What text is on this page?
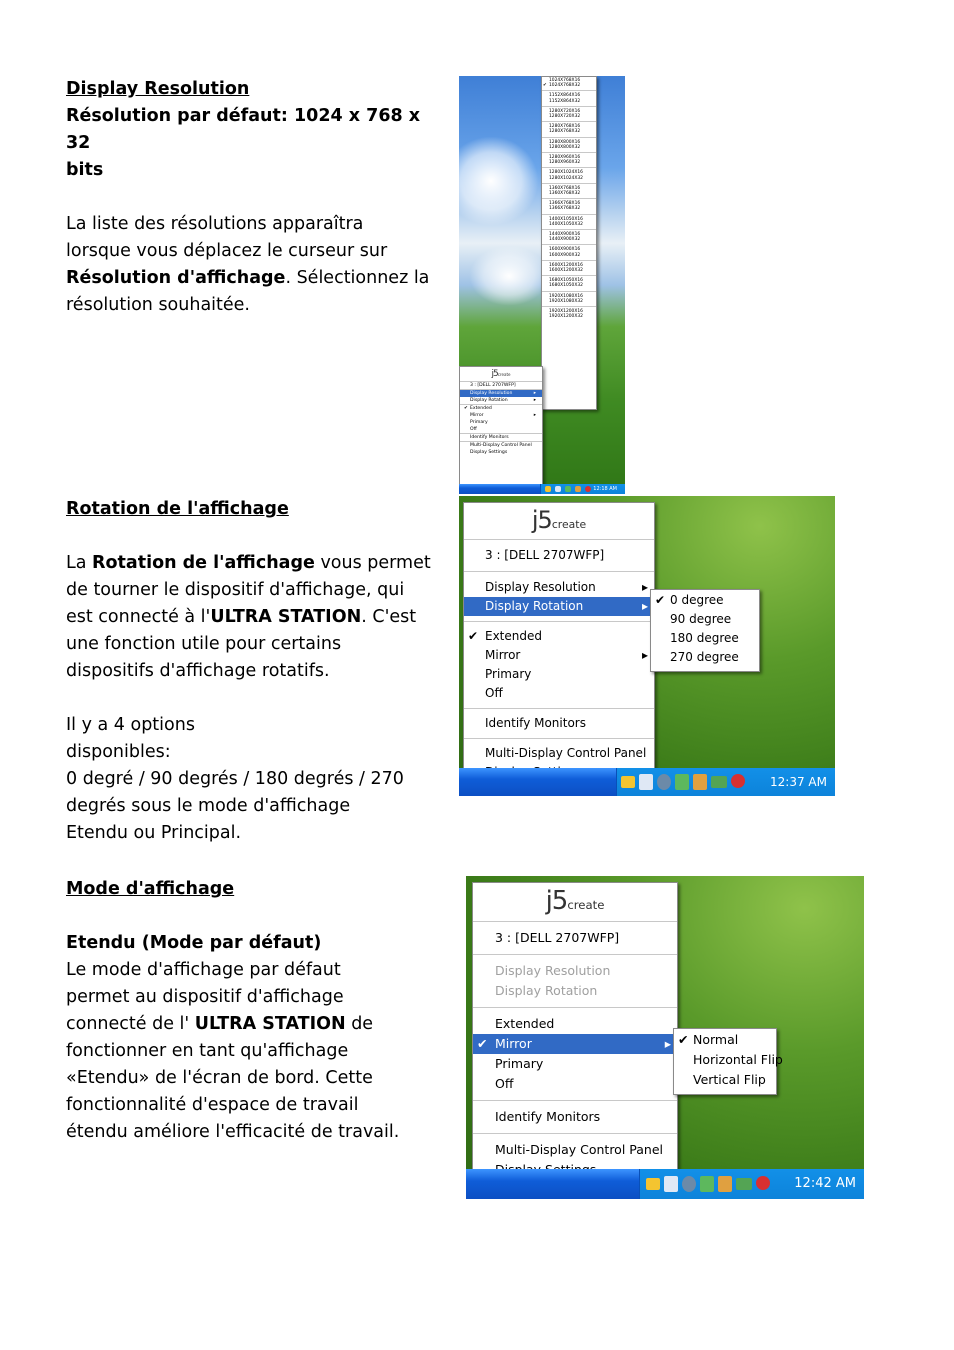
Display Resolution

Résolution par défaut: 1024 x 768 x 32

bits

La liste des résolutions apparaîtra

lorsque vous déplacez le curseur sur

Résolution d'affichage. Sélectionnez la

résolution souhaitée.

Rotation de l'affichage

La Rotation de l'affichage vous permet

de tourner le dispositif d'affichage, qui

est connecté à l'ULTRA STATION. C'est

une fonction utile pour certains

dispositifs d'affichage rotatifs.

Il y a 4 options

disponibles:

0 degré / 90 degrés / 180 degrés / 270

degrés sous le mode d'affichage

Etendu ou Principal.

Mode d'affichage

Etendu (Mode par défaut)

Le mode d'affichage par défaut

permet au dispositif d'affichage

connecté de l' ULTRA STATION de

fonctionner en tant qu'affichage

«Etendu» de l'écran de bord. Cette

fonctionnalité d'espace de travail

étendu améliore l'efficacité de travail.

1024X768X16
✔ 1024X768X32
1152X864X16
1152X864X32
1280X720X16
1280X720X32
1280X768X16
1280X768X32
1280X800X16
1280X800X32
1280X960X16
1280X960X32
1280X1024X16
1280X1024X32
1360X768X16
1360X768X32
1366X768X16
1366X768X32
1400X1050X16
1400X1050X32
1440X900X16
1440X900X32
1600X900X16
1600X900X32
1600X1200X16
1600X1200X32
1680X1050X16
1680X1050X32
1920X1080X16
1920X1080X32
1920X1200X16
1920X1200X32
j5create
3 : [DELL 2707WFP]
Display Resolution	▸
Display Rotation	▸
✔ Extended
Mirror	▸
Primary
Off
Identify Monitors
Multi-Display Control Panel
Display Settings
12:18 AM
j5create
3 : [DELL 2707WFP]
Display Resolution	▸
Display Rotation	▸
✔ Extended
Mirror	▸
Primary
Off
Identify Monitors
Multi-Display Control Panel
✔ 0 degree
90 degree
180 degree
270 degree
12:37 AM
j5create
3 : [DELL 2707WFP]
Display Resolution
Display Rotation
Extended
✔ Mirror	▸
Primary
Off
Identify Monitors
Multi-Display Control Panel
✔ Normal
Horizontal Flip
Vertical Flip
12:42 AM
